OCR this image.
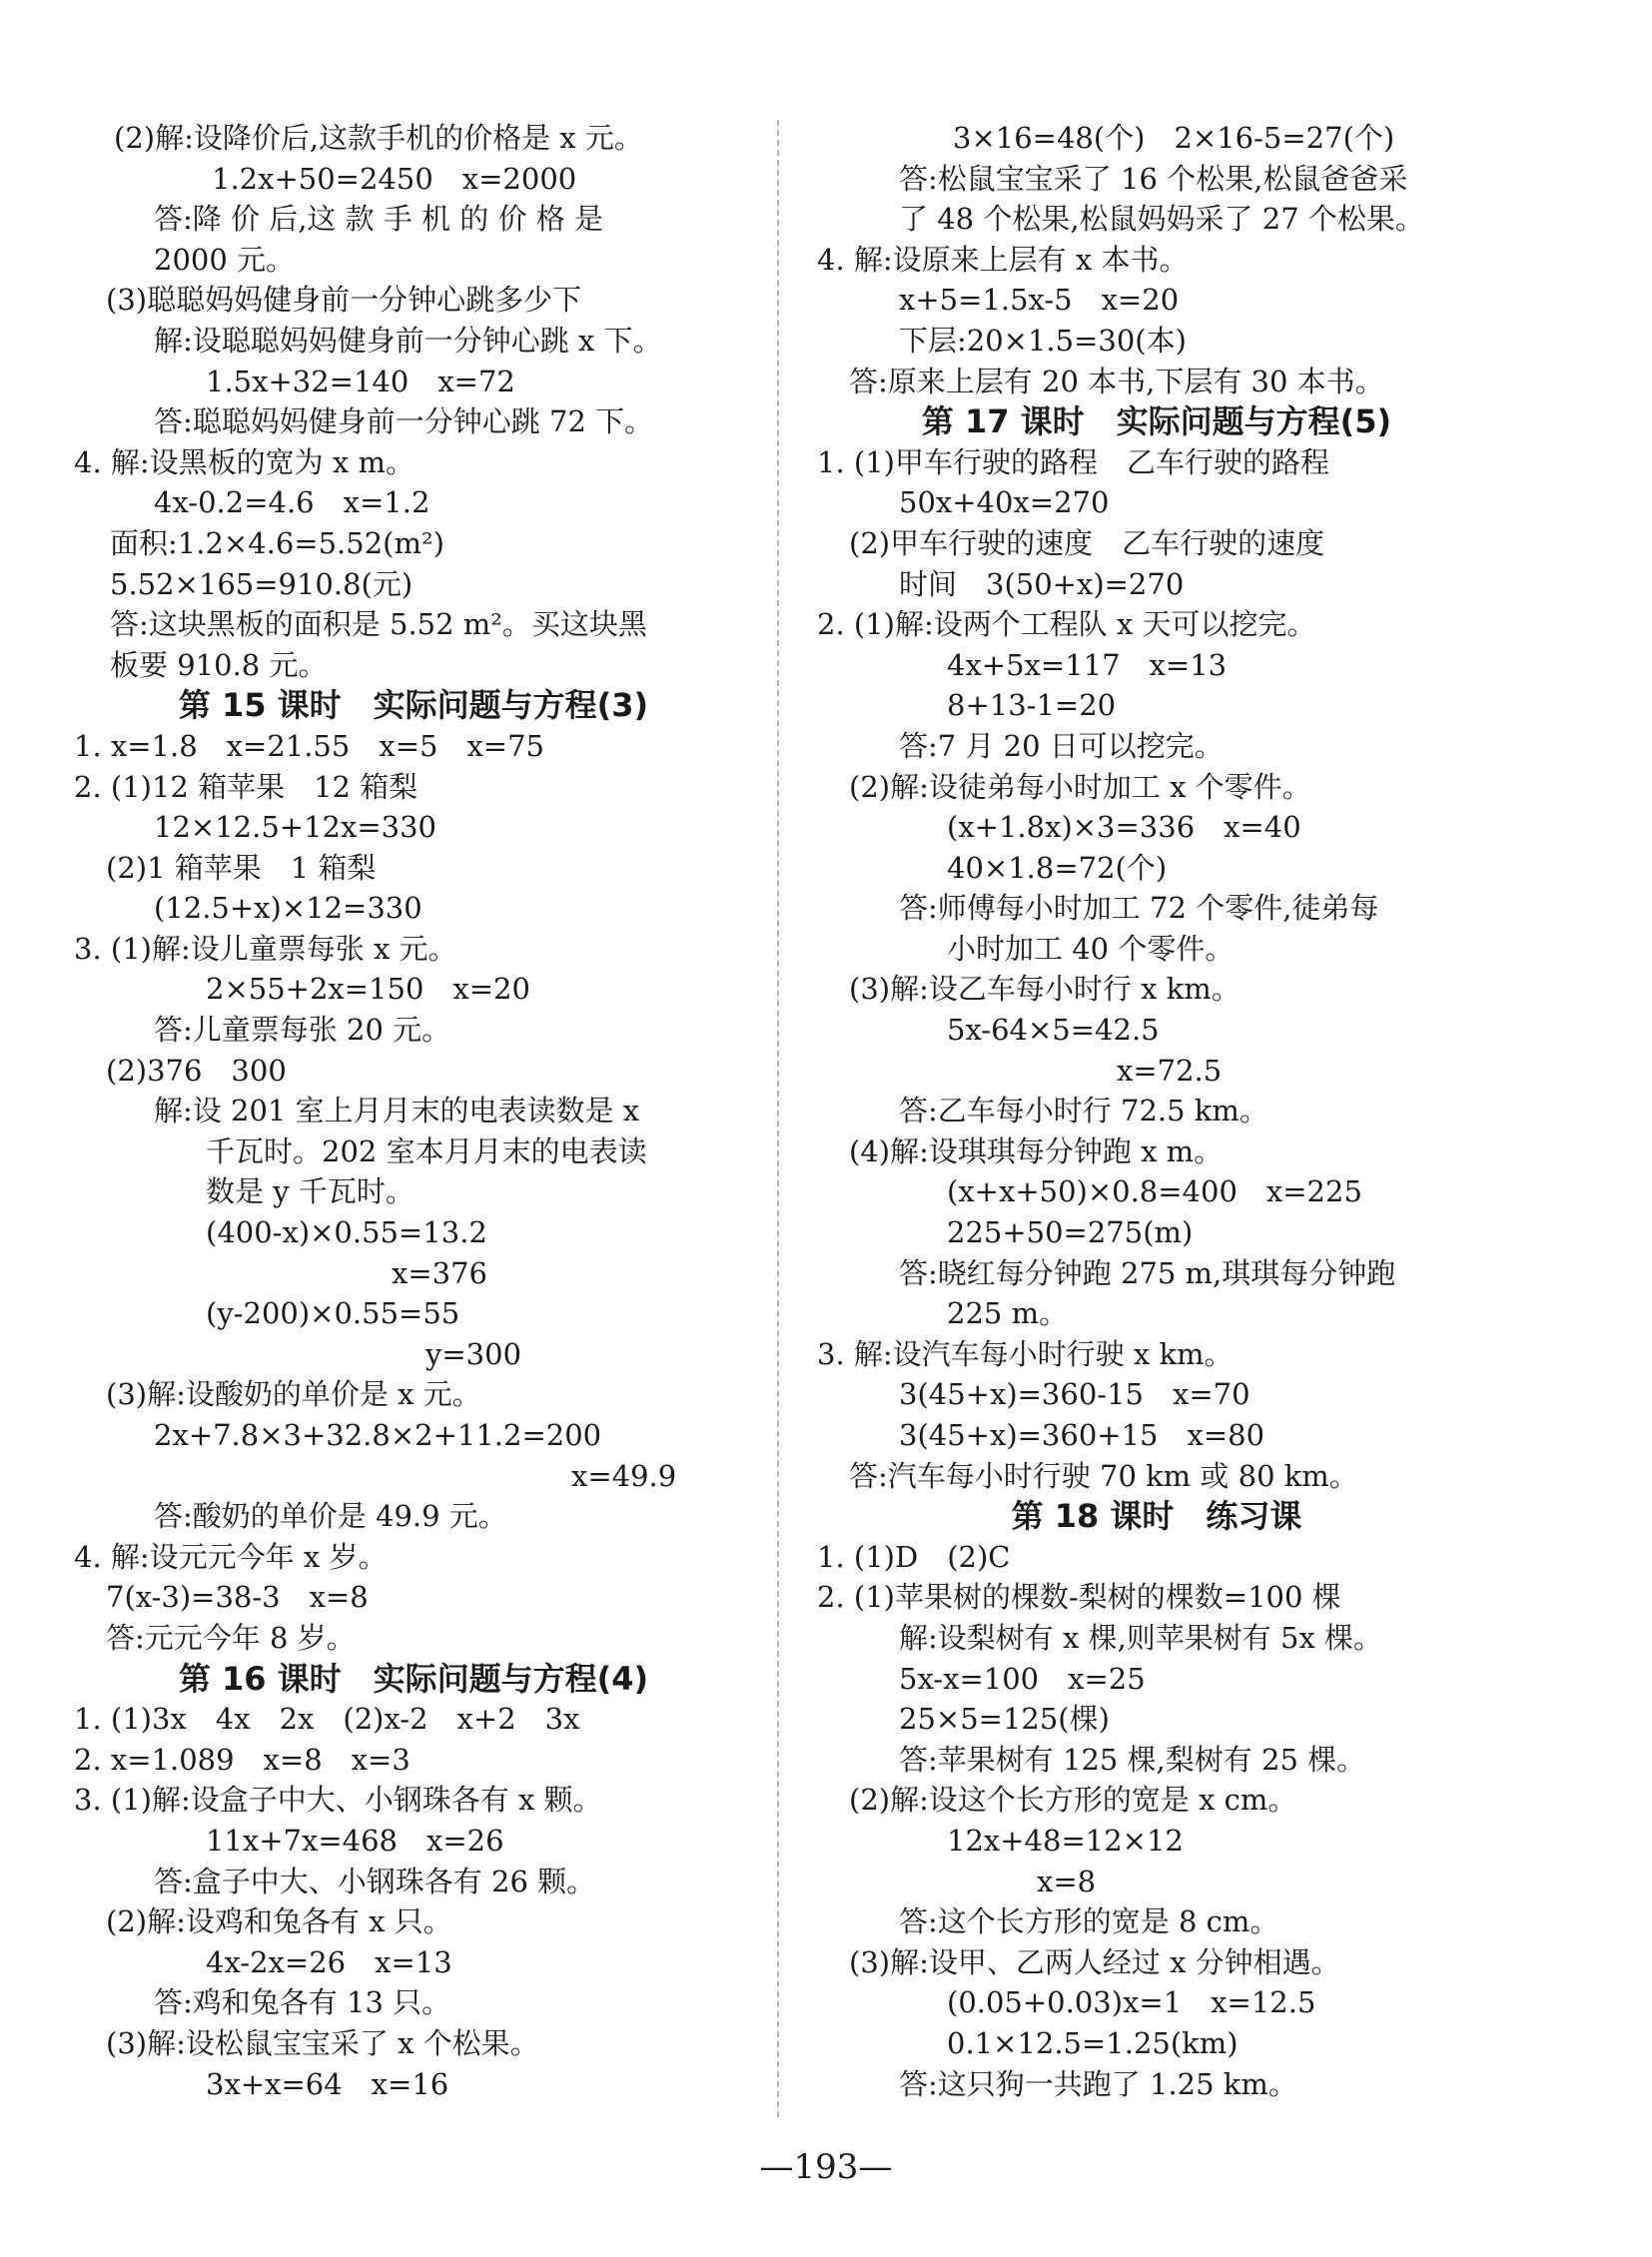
(2)解:设降价后,这款手机的价格是 x 元。
1.2x+50=2450　x=2000
答:降 价 后,这 款 手 机 的 价 格 是
2000 元。
(3)聪聪妈妈健身前一分钟心跳多少下
解:设聪聪妈妈健身前一分钟心跳 x 下。
1.5x+32=140　x=72
答:聪聪妈妈健身前一分钟心跳 72 下。
4. 解:设黑板的宽为 x m。
4x-0.2=4.6　x=1.2
面积:1.2×4.6=5.52(m²)
5.52×165=910.8(元)
答:这块黑板的面积是 5.52 m²。买这块黑
板要 910.8 元。
第 15 课时　实际问题与方程(3)
1. x=1.8　x=21.55　x=5　x=75
2. (1)12 箱苹果　12 箱梨
12×12.5+12x=330
(2)1 箱苹果　1 箱梨
(12.5+x)×12=330
3. (1)解:设儿童票每张 x 元。
2×55+2x=150　x=20
答:儿童票每张 20 元。
(2)376　300
解:设 201 室上月月末的电表读数是 x
千瓦时。202 室本月月末的电表读
数是 y 千瓦时。
(400-x)×0.55=13.2
x=376
(y-200)×0.55=55
y=300
(3)解:设酸奶的单价是 x 元。
2x+7.8×3+32.8×2+11.2=200
x=49.9
答:酸奶的单价是 49.9 元。
4. 解:设元元今年 x 岁。
7(x-3)=38-3　x=8
答:元元今年 8 岁。
第 16 课时　实际问题与方程(4)
1. (1)3x　4x　2x　(2)x-2　x+2　3x
2. x=1.089　x=8　x=3
3. (1)解:设盒子中大、小钢珠各有 x 颗。
11x+7x=468　x=26
答:盒子中大、小钢珠各有 26 颗。
(2)解:设鸡和兔各有 x 只。
4x-2x=26　x=13
答:鸡和兔各有 13 只。
(3)解:设松鼠宝宝采了 x 个松果。
3x+x=64　x=16
3×16=48(个)　2×16-5=27(个)
答:松鼠宝宝采了 16 个松果,松鼠爸爸采
了 48 个松果,松鼠妈妈采了 27 个松果。
4. 解:设原来上层有 x 本书。
x+5=1.5x-5　x=20
下层:20×1.5=30(本)
答:原来上层有 20 本书,下层有 30 本书。
第 17 课时　实际问题与方程(5)
1. (1)甲车行驶的路程　乙车行驶的路程
50x+40x=270
(2)甲车行驶的速度　乙车行驶的速度
时间　3(50+x)=270
2. (1)解:设两个工程队 x 天可以挖完。
4x+5x=117　x=13
8+13-1=20
答:7 月 20 日可以挖完。
(2)解:设徒弟每小时加工 x 个零件。
(x+1.8x)×3=336　x=40
40×1.8=72(个)
答:师傅每小时加工 72 个零件,徒弟每
小时加工 40 个零件。
(3)解:设乙车每小时行 x km。
5x-64×5=42.5
x=72.5
答:乙车每小时行 72.5 km。
(4)解:设琪琪每分钟跑 x m。
(x+x+50)×0.8=400　x=225
225+50=275(m)
答:晓红每分钟跑 275 m,琪琪每分钟跑
225 m。
3. 解:设汽车每小时行驶 x km。
3(45+x)=360-15　x=70
3(45+x)=360+15　x=80
答:汽车每小时行驶 70 km 或 80 km。
第 18 课时　练习课
1. (1)D　(2)C
2. (1)苹果树的棵数-梨树的棵数=100 棵
解:设梨树有 x 棵,则苹果树有 5x 棵。
5x-x=100　x=25
25×5=125(棵)
答:苹果树有 125 棵,梨树有 25 棵。
(2)解:设这个长方形的宽是 x cm。
12x+48=12×12
x=8
答:这个长方形的宽是 8 cm。
(3)解:设甲、乙两人经过 x 分钟相遇。
(0.05+0.03)x=1　x=12.5
0.1×12.5=1.25(km)
答:这只狗一共跑了 1.25 km。
—193—
